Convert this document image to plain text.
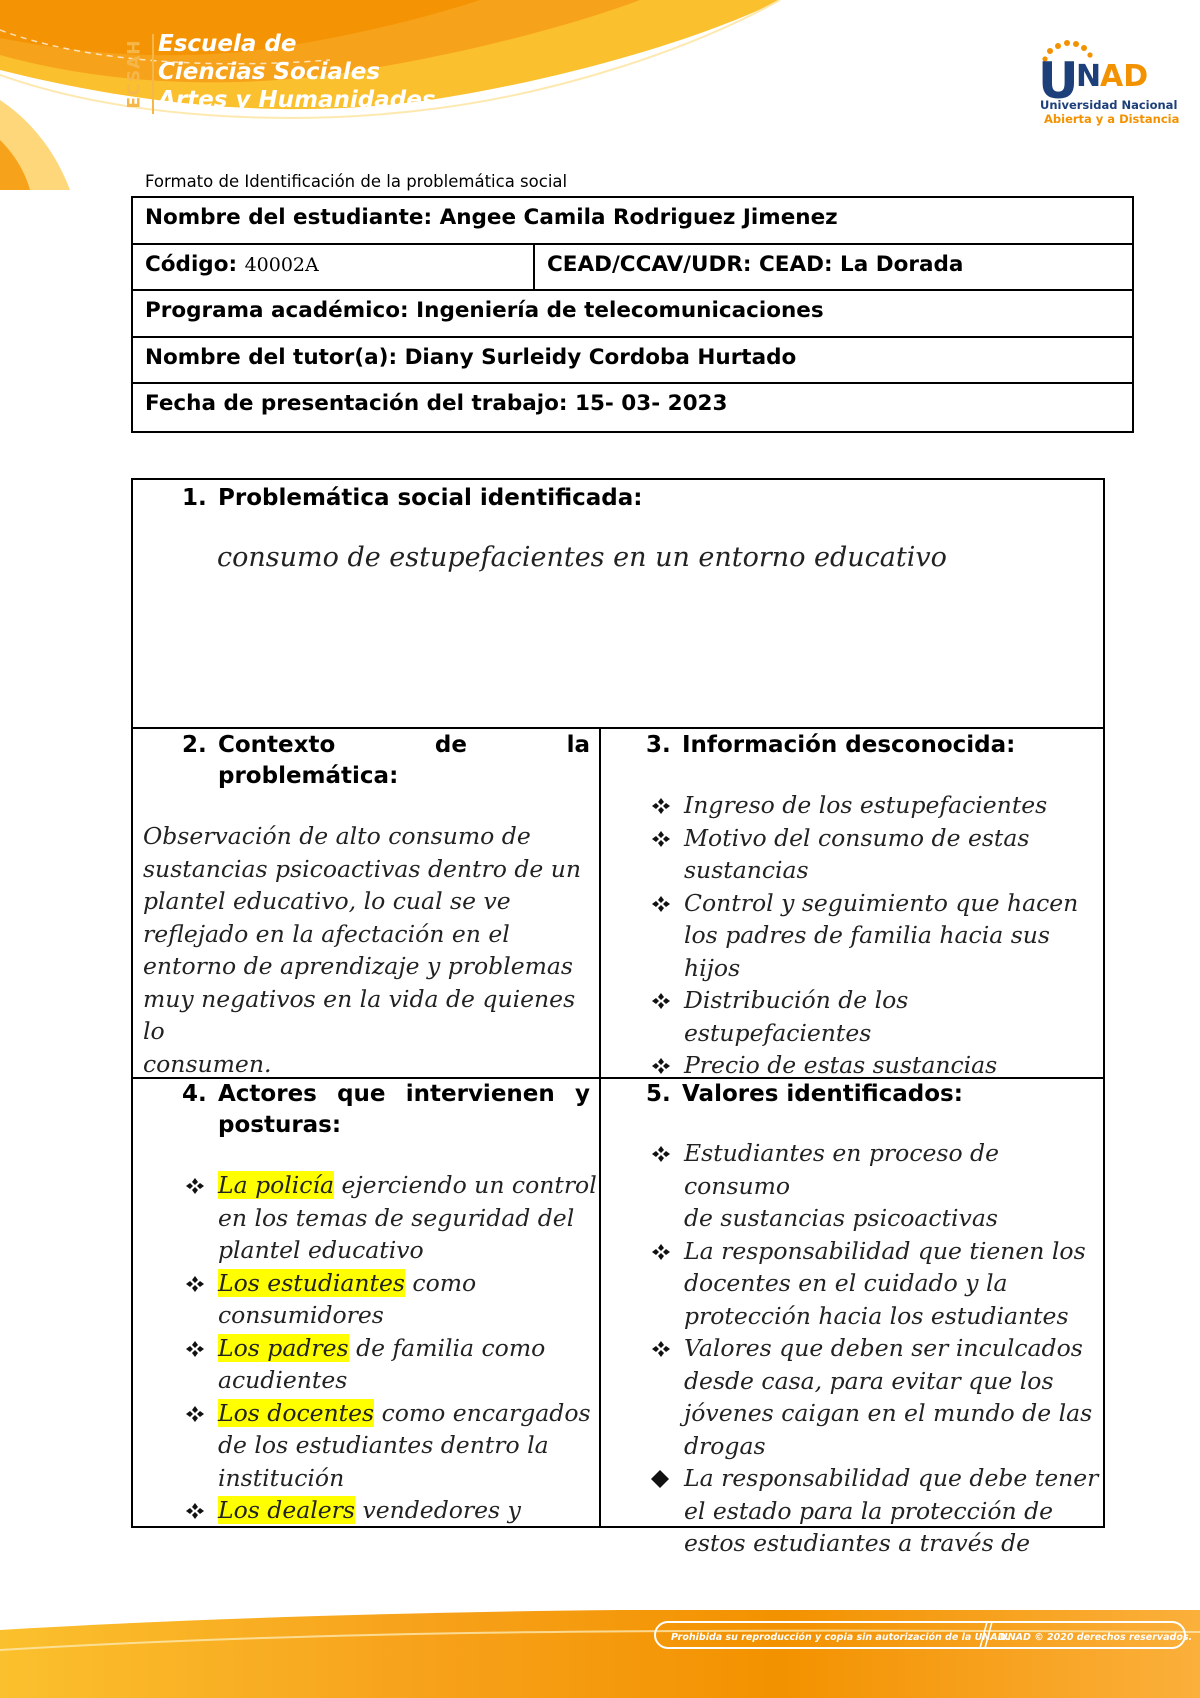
ECSAH Escuela de
Ciencias Sociales
Artes y Humanidades	U
N
AD
Universidad Nacional
Abierta y a Distancia
Formato de Identificación de la problemática social
Nombre del estudiante: Angee Camila Rodriguez Jimenez
Código: 40002A	CEAD/CCAV/UDR: CEAD: La Dorada
Programa académico: Ingeniería de telecomunicaciones
Nombre del tutor(a): Diany Surleidy Cordoba Hurtado
Fecha de presentación del trabajo: 15- 03- 2023
1. Problemática social identificada:
consumo de estupefacientes en un entorno educativo
2. Contexto	de	la
problemática:
Observación de alto consumo de
sustancias psicoactivas dentro de un
plantel educativo, lo cual se ve
reflejado en la afectación en el
entorno de aprendizaje y problemas
muy negativos en la vida de quienes lo
consumen.
3. Información desconocida:
Ingreso de los estupefacientes
Motivo del consumo de estas
sustancias
Control y seguimiento que hacen
los padres de familia hacia sus
hijos
Distribución de los estupefacientes
Precio de estas sustancias
4. Actores que intervienen y
posturas:
La policía ejerciendo un control
en los temas de seguridad del
plantel educativo
Los estudiantes como
consumidores
Los padres de familia como
acudientes
Los docentes como encargados
de los estudiantes dentro la
institución
Los dealers vendedores y
5. Valores identificados:
Estudiantes en proceso de consumo
de sustancias psicoactivas
La responsabilidad que tienen los
docentes en el cuidado y la
protección hacia los estudiantes
Valores que deben ser inculcados
desde casa, para evitar que los
jóvenes caigan en el mundo de las
drogas
La responsabilidad que debe tener
el estado para la protección de
estos estudiantes a través de
Prohibida su reproducción y copia sin autorización de la UNAD.
UNAD © 2020 derechos reservados.
